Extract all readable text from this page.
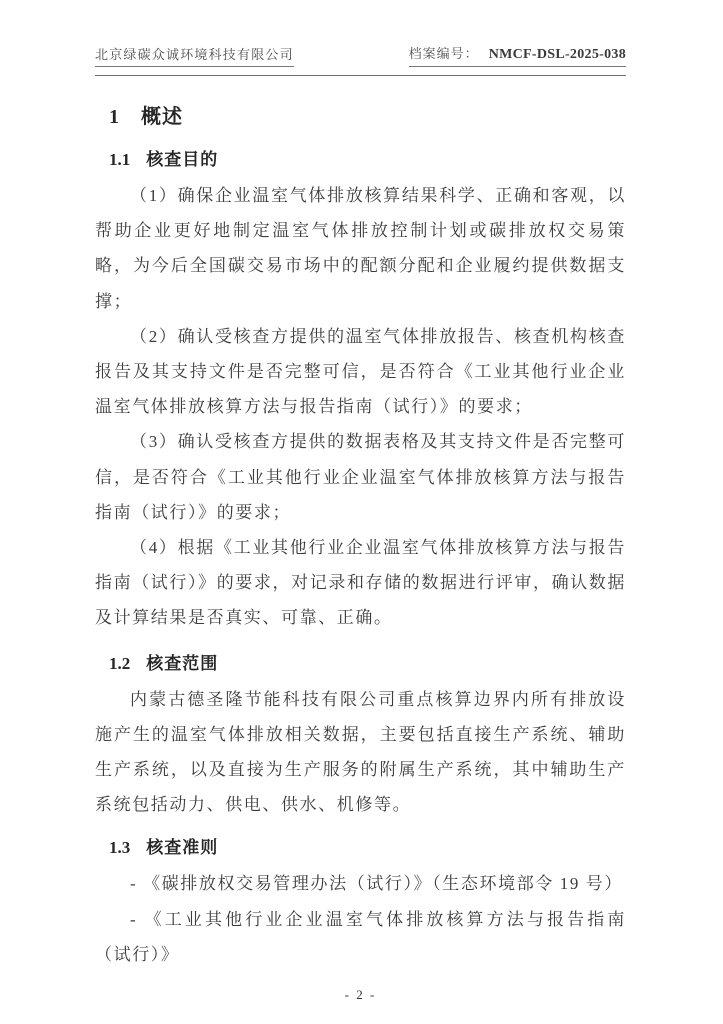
北京绿碳众诚环境科技有限公司	档案编号： NMCF-DSL-2025-038
1 概述
1.1 核查目的

（1）确保企业温室气体排放核算结果科学、正确和客观，以帮助企业更好地制定温室气体排放控制计划或碳排放权交易策略，为今后全国碳交易市场中的配额分配和企业履约提供数据支撑；

（2）确认受核查方提供的温室气体排放报告、核查机构核查报告及其支持文件是否完整可信，是否符合《工业其他行业企业温室气体排放核算方法与报告指南（试行）》的要求；

（3）确认受核查方提供的数据表格及其支持文件是否完整可信，是否符合《工业其他行业企业温室气体排放核算方法与报告指南（试行）》的要求；

（4）根据《工业其他行业企业温室气体排放核算方法与报告指南（试行）》的要求，对记录和存储的数据进行评审，确认数据及计算结果是否真实、可靠、正确。

1.2 核查范围

内蒙古德圣隆节能科技有限公司重点核算边界内所有排放设施产生的温室气体排放相关数据，主要包括直接生产系统、辅助生产系统，以及直接为生产服务的附属生产系统，其中辅助生产系统包括动力、供电、供水、机修等。

1.3 核查准则

- 《碳排放权交易管理办法（试行）》（生态环境部令 19 号）

- 《工业其他行业企业温室气体排放核算方法与报告指南（试行）》

- 2 -
